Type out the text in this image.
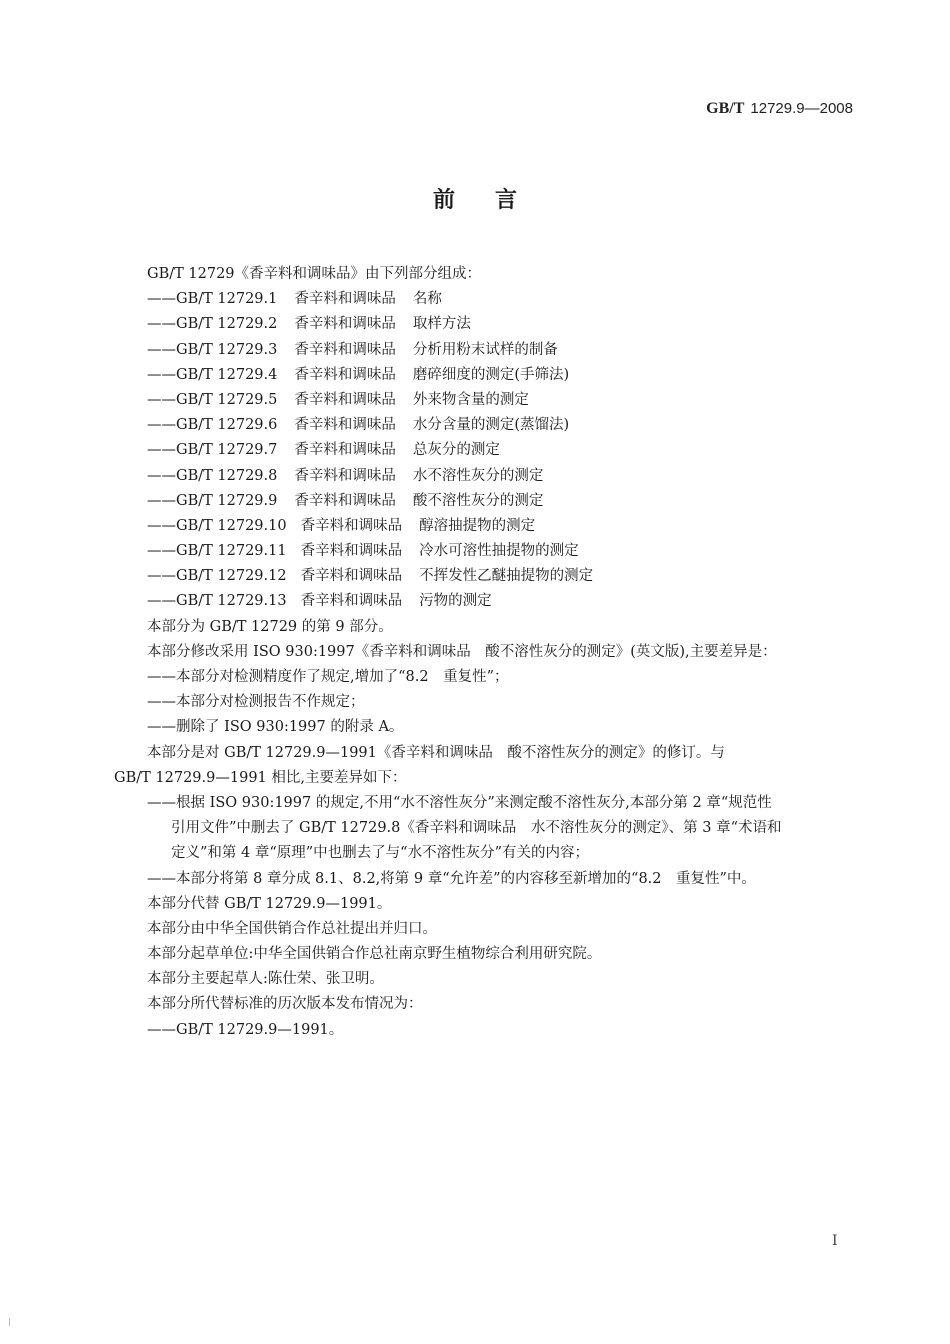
GB/T 12729.9—2008
前言
GB/T 12729《香辛料和调味品》由下列部分组成：
——GB/T 12729.1 香辛料和调味品 名称
——GB/T 12729.2 香辛料和调味品 取样方法
——GB/T 12729.3 香辛料和调味品 分析用粉末试样的制备
——GB/T 12729.4 香辛料和调味品 磨碎细度的测定(手筛法)
——GB/T 12729.5 香辛料和调味品 外来物含量的测定
——GB/T 12729.6 香辛料和调味品 水分含量的测定(蒸馏法)
——GB/T 12729.7 香辛料和调味品 总灰分的测定
——GB/T 12729.8 香辛料和调味品 水不溶性灰分的测定
——GB/T 12729.9 香辛料和调味品 酸不溶性灰分的测定
——GB/T 12729.10 香辛料和调味品 醇溶抽提物的测定
——GB/T 12729.11 香辛料和调味品 冷水可溶性抽提物的测定
——GB/T 12729.12 香辛料和调味品 不挥发性乙醚抽提物的测定
——GB/T 12729.13 香辛料和调味品 污物的测定
本部分为 GB/T 12729 的第 9 部分。
本部分修改采用 ISO 930:1997《香辛料和调味品　酸不溶性灰分的测定》(英文版),主要差异是：
——本部分对检测精度作了规定,增加了“8.2　重复性”；
——本部分对检测报告不作规定；
——删除了 ISO 930:1997 的附录 A。
本部分是对 GB/T 12729.9—1991《香辛料和调味品　酸不溶性灰分的测定》的修订。与
GB/T 12729.9—1991 相比,主要差异如下：
——根据 ISO 930:1997 的规定,不用“水不溶性灰分”来测定酸不溶性灰分,本部分第 2 章“规范性
引用文件”中删去了 GB/T 12729.8《香辛料和调味品　水不溶性灰分的测定》、第 3 章“术语和
定义”和第 4 章“原理”中也删去了与“水不溶性灰分”有关的内容；
——本部分将第 8 章分成 8.1、8.2,将第 9 章“允许差”的内容移至新增加的“8.2　重复性”中。
本部分代替 GB/T 12729.9—1991。
本部分由中华全国供销合作总社提出并归口。
本部分起草单位:中华全国供销合作总社南京野生植物综合利用研究院。
本部分主要起草人:陈仕荣、张卫明。
本部分所代替标准的历次版本发布情况为：
——GB/T 12729.9—1991。
I
